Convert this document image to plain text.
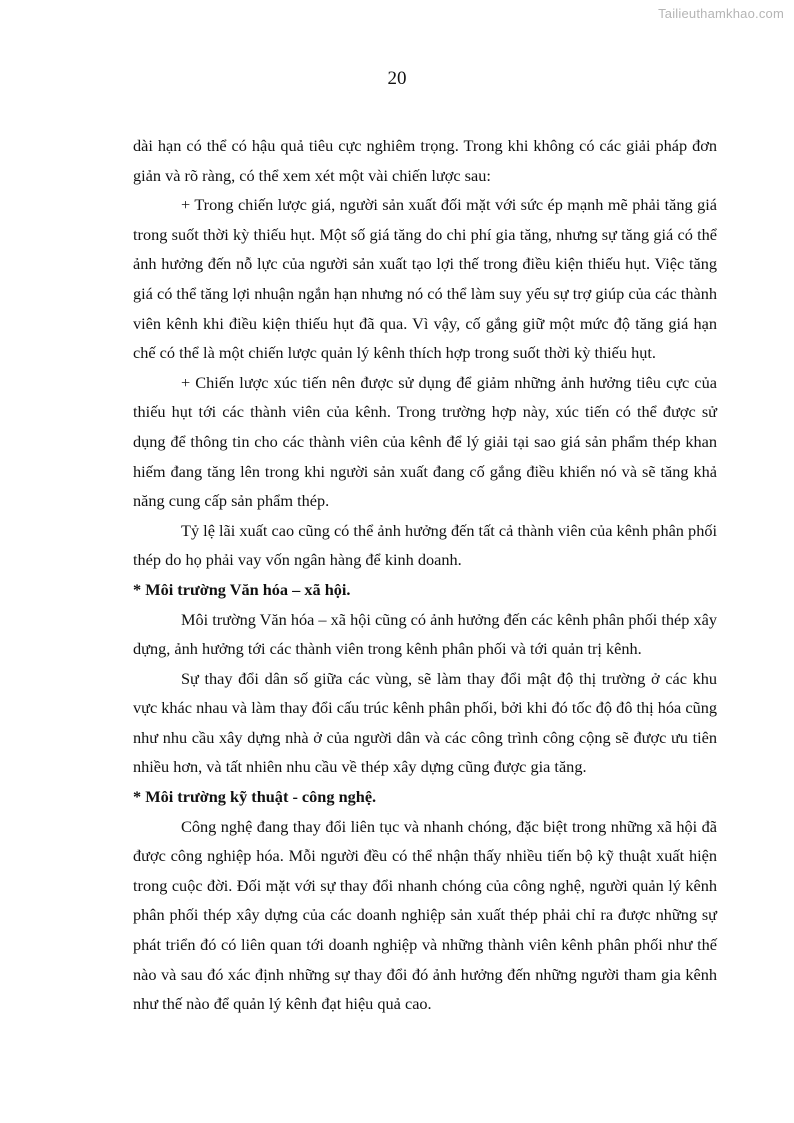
Tailieuthamkhao.com
20

dài hạn có thể có hậu quả tiêu cực nghiêm trọng. Trong khi không có các giải pháp đơn giản và rõ ràng, có thể xem xét một vài chiến lược sau:

+ Trong chiến lược giá, người sản xuất đối mặt với sức ép mạnh mẽ phải tăng giá trong suốt thời kỳ thiếu hụt. Một số giá tăng do chi phí gia tăng, nhưng sự tăng giá có thể ảnh hưởng đến nỗ lực của người sản xuất tạo lợi thế trong điều kiện thiếu hụt. Việc tăng giá có thể tăng lợi nhuận ngắn hạn nhưng nó có thể làm suy yếu sự trợ giúp của các thành viên kênh khi điều kiện thiếu hụt đã qua. Vì vậy, cố gắng giữ một mức độ tăng giá hạn chế có thể là một chiến lược quản lý kênh thích hợp trong suốt thời kỳ thiếu hụt.

+ Chiến lược xúc tiến nên được sử dụng để giảm những ảnh hưởng tiêu cực của thiếu hụt tới các thành viên của kênh. Trong trường hợp này, xúc tiến có thể được sử dụng để thông tin cho các thành viên của kênh để lý giải tại sao giá sản phẩm thép khan hiếm đang tăng lên trong khi người sản xuất đang cố gắng điều khiển nó và sẽ tăng khả năng cung cấp sản phẩm thép.

Tỷ lệ lãi xuất cao cũng có thể ảnh hưởng đến tất cả thành viên của kênh phân phối thép do họ phải vay vốn ngân hàng để kinh doanh.

* Môi trường Văn hóa – xã hội.

Môi trường Văn hóa – xã hội cũng có ảnh hưởng đến các kênh phân phối thép xây dựng, ảnh hưởng tới các thành viên trong kênh phân phối và tới quản trị kênh.

Sự thay đổi dân số giữa các vùng, sẽ làm thay đổi mật độ thị trường ở các khu vực khác nhau và làm thay đổi cấu trúc kênh phân phối, bởi khi đó tốc độ đô thị hóa cũng như nhu cầu xây dựng nhà ở của người dân và các công trình công cộng sẽ được ưu tiên nhiều hơn, và tất nhiên nhu cầu về thép xây dựng cũng được gia tăng.

* Môi trường kỹ thuật - công nghệ.

Công nghệ đang thay đổi liên tục và nhanh chóng, đặc biệt trong những xã hội đã được công nghiệp hóa. Mỗi người đều có thể nhận thấy nhiều tiến bộ kỹ thuật xuất hiện trong cuộc đời. Đối mặt với sự thay đổi nhanh chóng của công nghệ, người quản lý kênh phân phối thép xây dựng của các doanh nghiệp sản xuất thép phải chỉ ra được những sự phát triển đó có liên quan tới doanh nghiệp và những thành viên kênh phân phối như thế nào và sau đó xác định những sự thay đổi đó ảnh hưởng đến những người tham gia kênh như thế nào để quản lý kênh đạt hiệu quả cao.
